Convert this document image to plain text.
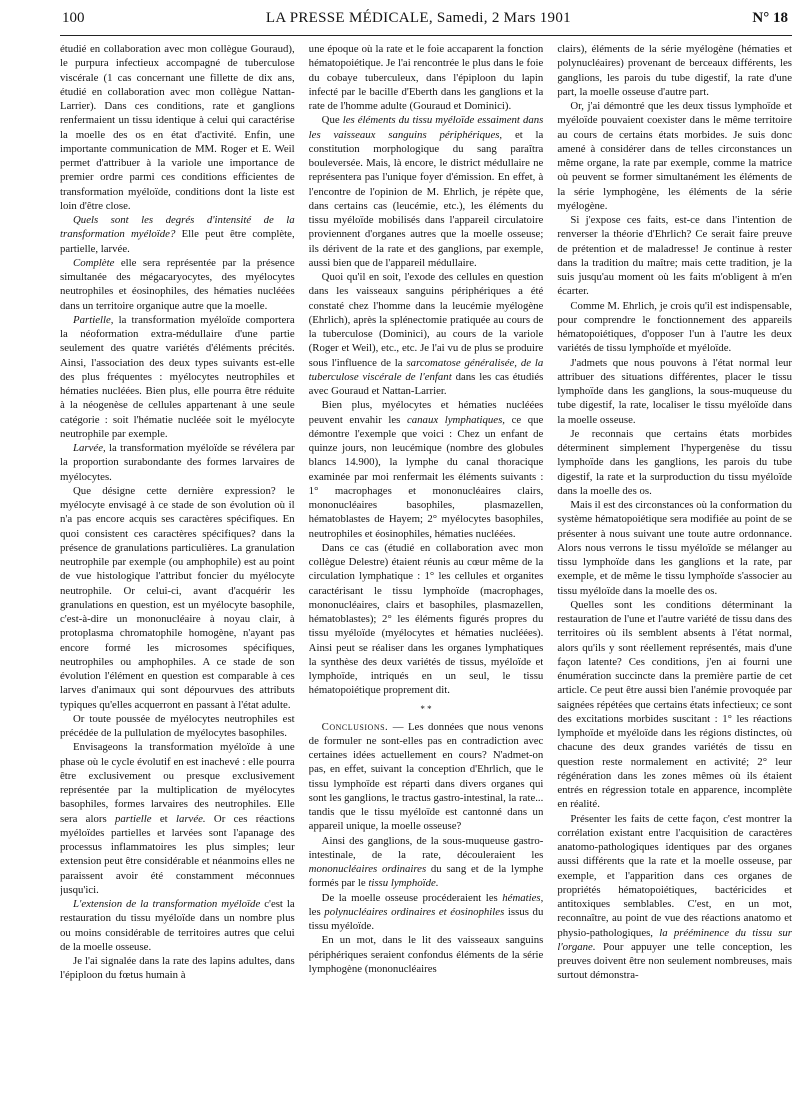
100	LA PRESSE MÉDICALE, Samedi, 2 Mars 1901	N° 18

étudié en collaboration avec mon collègue Gouraud), le purpura infectieux accompagné de tuberculose viscérale (1 cas concernant une fillette de dix ans, étudié en collaboration avec mon collègue Nattan-Larrier). Dans ces conditions, rate et ganglions renfermaient un tissu identique à celui qui caractérise la moelle des os en état d'activité. Enfin, une importante communication de MM. Roger et E. Weil permet d'attribuer à la variole une importance de premier ordre parmi ces conditions efficientes de transformation myéloïde, conditions dont la liste est loin d'être close.

Quels sont les degrés d'intensité de la transformation myéloïde? Elle peut être complète, partielle, larvée.

Complète elle sera représentée par la présence simultanée des mégacaryocytes, des myélocytes neutrophiles et éosinophiles, des hématies nucléées dans un territoire organique autre que la moelle.

Partielle, la transformation myéloïde comportera la néoformation extra-médullaire d'une partie seulement des quatre variétés d'éléments précités. Ainsi, l'association des deux types suivants est-elle des plus fréquentes : myélocytes neutrophiles et hématies nucléées. Bien plus, elle pourra être réduite à la néogenèse de cellules appartenant à une seule catégorie : soit l'hématie nucléée soit le myélocyte neutrophile par exemple.

Larvée, la transformation myéloïde se révélera par la proportion surabondante des formes larvaires de myélocytes.

Que désigne cette dernière expression? le myélocyte envisagé à ce stade de son évolution où il n'a pas encore acquis ses caractères spécifiques. En quoi consistent ces caractères spécifiques? dans la présence de granulations particulières. La granulation neutrophile par exemple (ou amphophile) est au point de vue histologique l'attribut foncier du myélocyte neutrophile. Or celui-ci, avant d'acquérir les granulations en question, est un myélocyte basophile, c'est-à-dire un mononucléaire à noyau clair, à protoplasma chromatophile homogène, n'ayant pas encore formé les microsomes spécifiques, neutrophiles ou amphophiles. A ce stade de son évolution l'élément en question est comparable à ces larves d'animaux qui sont dépourvues des attributs typiques qu'elles acquerront en passant à l'état adulte.

Or toute poussée de myélocytes neutrophiles est précédée de la pullulation de myélocytes basophiles.

Envisageons la transformation myéloïde à une phase où le cycle évolutif en est inachevé : elle pourra être exclusivement ou presque exclusivement représentée par la multiplication de myélocytes basophiles, formes larvaires des neutrophiles. Elle sera alors partielle et larvée. Or ces réactions myéloïdes partielles et larvées sont l'apanage des processus inflammatoires les plus simples; leur extension peut être considérable et néanmoins elles ne paraissent avoir été constamment méconnues jusqu'ici.

L'extension de la transformation myéloïde c'est la restauration du tissu myéloïde dans un nombre plus ou moins considérable de territoires autres que celui de la moelle osseuse.

Je l'ai signalée dans la rate des lapins adultes, dans l'épiploon du fœtus humain à

une époque où la rate et le foie accaparent la fonction hématopoiétique. Je l'ai rencontrée le plus dans le foie du cobaye tuberculeux, dans l'épiploon du lapin infecté par le bacille d'Eberth dans les ganglions et la rate de l'homme adulte (Gouraud et Dominici).

Que les éléments du tissu myéloïde essaiment dans les vaisseaux sanguins périphériques, et la constitution morphologique du sang paraîtra bouleversée. Mais, là encore, le district médullaire ne représentera pas l'unique foyer d'émission. En effet, à l'encontre de l'opinion de M. Ehrlich, je répète que, dans certains cas (leucémie, etc.), les éléments du tissu myéloïde mobilisés dans l'appareil circulatoire proviennent d'organes autres que la moelle osseuse; ils dérivent de la rate et des ganglions, par exemple, aussi bien que de l'appareil médullaire.

Quoi qu'il en soit, l'exode des cellules en question dans les vaisseaux sanguins périphériques a été constaté chez l'homme dans la leucémie myélogène (Ehrlich), après la splénectomie pratiquée au cours de la tuberculose (Dominici), au cours de la variole (Roger et Weil), etc., etc. Je l'ai vu de plus se produire sous l'influence de la sarcomatose généralisée, de la tuberculose viscérale de l'enfant dans les cas étudiés avec Gouraud et Nattan-Larrier.

Bien plus, myélocytes et hématies nucléées peuvent envahir les canaux lymphatiques, ce que démontre l'exemple que voici : Chez un enfant de quinze jours, non leucémique (nombre des globules blancs 14.900), la lymphe du canal thoracique examinée par moi renfermait les éléments suivants : 1° macrophages et mononucléaires clairs, mononucléaires basophiles, plasmazellen, hématoblastes de Hayem; 2° myélocytes basophiles, neutrophiles et éosinophiles, hématies nucléées.

Dans ce cas (étudié en collaboration avec mon collègue Delestre) étaient réunis au cœur même de la circulation lymphatique : 1° les cellules et organites caractérisant le tissu lymphoïde (macrophages, mononucléaires, clairs et basophiles, plasmazellen, hématoblastes); 2° les éléments figurés propres du tissu myéloïde (myélocytes et hématies nucléées). Ainsi peut se réaliser dans les organes lymphatiques la synthèse des deux variétés de tissus, myéloïde et lymphoïde, intriqués en un seul, le tissu hématopoiétique proprement dit.

* *

Conclusions. — Les données que nous venons de formuler ne sont-elles pas en contradiction avec certaines idées actuellement en cours? N'admet-on pas, en effet, suivant la conception d'Ehrlich, que le tissu lymphoïde est réparti dans divers organes qui sont les ganglions, le tractus gastro-intestinal, la rate... tandis que le tissu myéloïde est cantonné dans un appareil unique, la moelle osseuse?

Ainsi des ganglions, de la sous-muqueuse gastro-intestinale, de la rate, découleraient les mononucléaires ordinaires du sang et de la lymphe formés par le tissu lymphoïde.

De la moelle osseuse procéderaient les hématies, les polynucléaires ordinaires et éosinophiles issus du tissu myéloïde.

En un mot, dans le lit des vaisseaux sanguins périphériques seraient confondus éléments de la série lymphogène (mononucléaires

clairs), éléments de la série myélogène (hématies et polynucléaires) provenant de berceaux différents, les ganglions, les parois du tube digestif, la rate d'une part, la moelle osseuse d'autre part.

Or, j'ai démontré que les deux tissus lymphoïde et myéloïde pouvaient coexister dans le même territoire au cours de certains états morbides. Je suis donc amené à considérer dans de telles circonstances un même organe, la rate par exemple, comme la matrice où peuvent se former simultanément les éléments de la série lymphogène, les éléments de la série myélogène.

Si j'expose ces faits, est-ce dans l'intention de renverser la théorie d'Ehrlich? Ce serait faire preuve de prétention et de maladresse! Je continue à rester dans la tradition du maître; mais cette tradition, je la suis jusqu'au moment où les faits m'obligent à m'en écarter.

Comme M. Ehrlich, je crois qu'il est indispensable, pour comprendre le fonctionnement des appareils hématopoiétiques, d'opposer l'un à l'autre les deux variétés de tissu lymphoïde et myéloïde.

J'admets que nous pouvons à l'état normal leur attribuer des situations différentes, placer le tissu lymphoïde dans les ganglions, la sous-muqueuse du tube digestif, la rate, localiser le tissu myéloïde dans la moelle osseuse.

Je reconnais que certains états morbides déterminent simplement l'hypergenèse du tissu lymphoïde dans les ganglions, les parois du tube digestif, la rate et la surproduction du tissu myéloïde dans la moelle des os.

Mais il est des circonstances où la conformation du système hématopoiétique sera modifiée au point de se présenter à nous suivant une toute autre ordonnance. Alors nous verrons le tissu myéloïde se mélanger au tissu lymphoïde dans les ganglions et la rate, par exemple, et de même le tissu lymphoïde s'associer au tissu myéloïde dans la moelle des os.

Quelles sont les conditions déterminant la restauration de l'une et l'autre variété de tissu dans des territoires où ils semblent absents à l'état normal, alors qu'ils y sont réellement représentés, mais d'une façon latente? Ces conditions, j'en ai fourni une énumération succincte dans la première partie de cet article. Ce peut être aussi bien l'anémie provoquée par saignées répétées que certains états infectieux; ce sont des excitations morbides suscitant : 1° les réactions lymphoïde et myéloïde dans les régions distinctes, où chacune des deux grandes variétés de tissu en question reste normalement en activité; 2° leur régénération dans les zones mêmes où ils étaient entrés en régression totale en apparence, incomplète en réalité.

Présenter les faits de cette façon, c'est montrer la corrélation existant entre l'acquisition de caractères anatomo-pathologiques identiques par des organes aussi différents que la rate et la moelle osseuse, par exemple, et l'apparition dans ces organes de propriétés hématopoiétiques, bactéricides et antitoxiques semblables. C'est, en un mot, reconnaître, au point de vue des réactions anatomo et physio-pathologiques, la prééminence du tissu sur l'organe. Pour appuyer une telle conception, les preuves doivent être non seulement nombreuses, mais surtout démonstra-
